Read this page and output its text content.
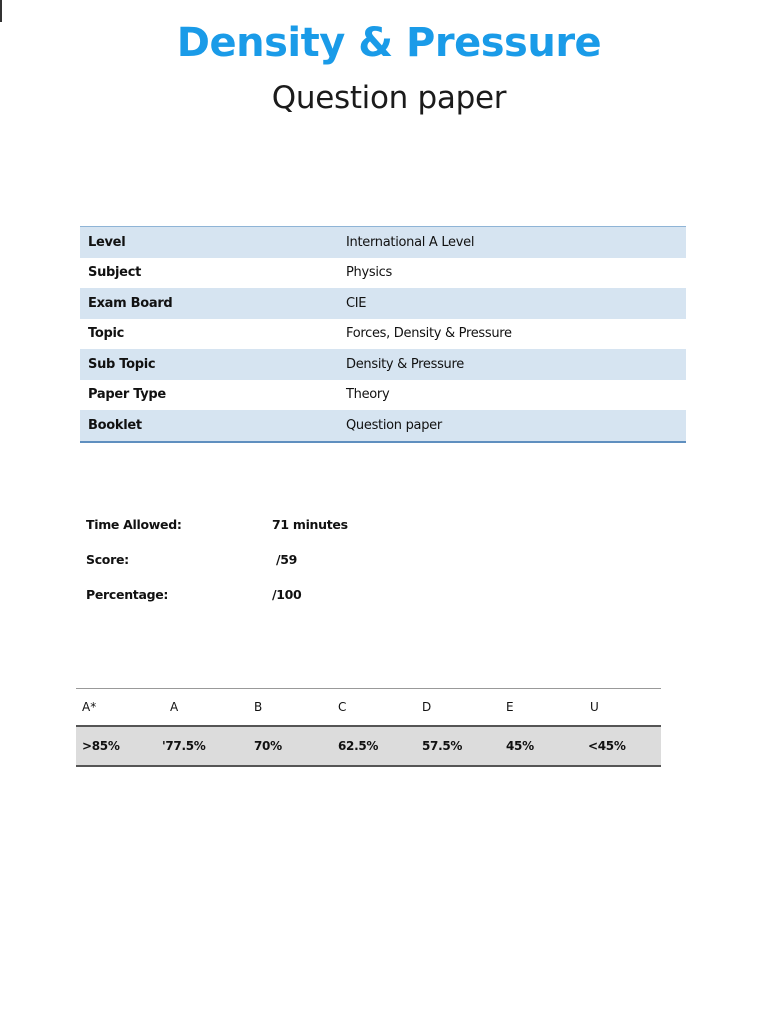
Density & Pressure
Question paper
Level	International A Level
Subject	Physics
Exam Board	CIE
Topic	Forces, Density & Pressure
Sub Topic	Density & Pressure
Paper Type	Theory
Booklet	Question paper
Time Allowed:	71 minutes
Score:	/59
Percentage:	/100
A*	A	B	C	D	E	U
>85%	'77.5%	70%	62.5%	57.5%	45%	<45%
